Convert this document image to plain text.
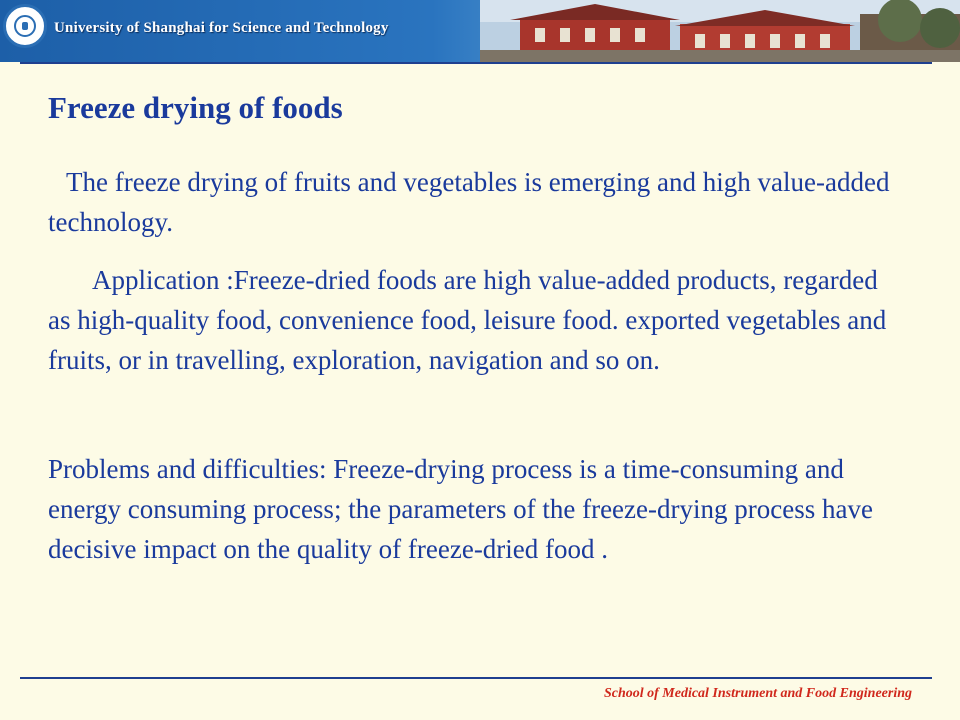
University of Shanghai for Science and Technology
Freeze drying of foods
The freeze drying of fruits and vegetables is emerging and high value-added technology.
Application :Freeze-dried foods are high value-added products, regarded as high-quality food, convenience food, leisure food. exported vegetables and fruits, or in travelling, exploration, navigation and so on.
Problems and difficulties: Freeze-drying process is a time-consuming and energy consuming process; the parameters of the freeze-drying process have decisive impact on the quality of freeze-dried food .
School of Medical Instrument and Food Engineering
